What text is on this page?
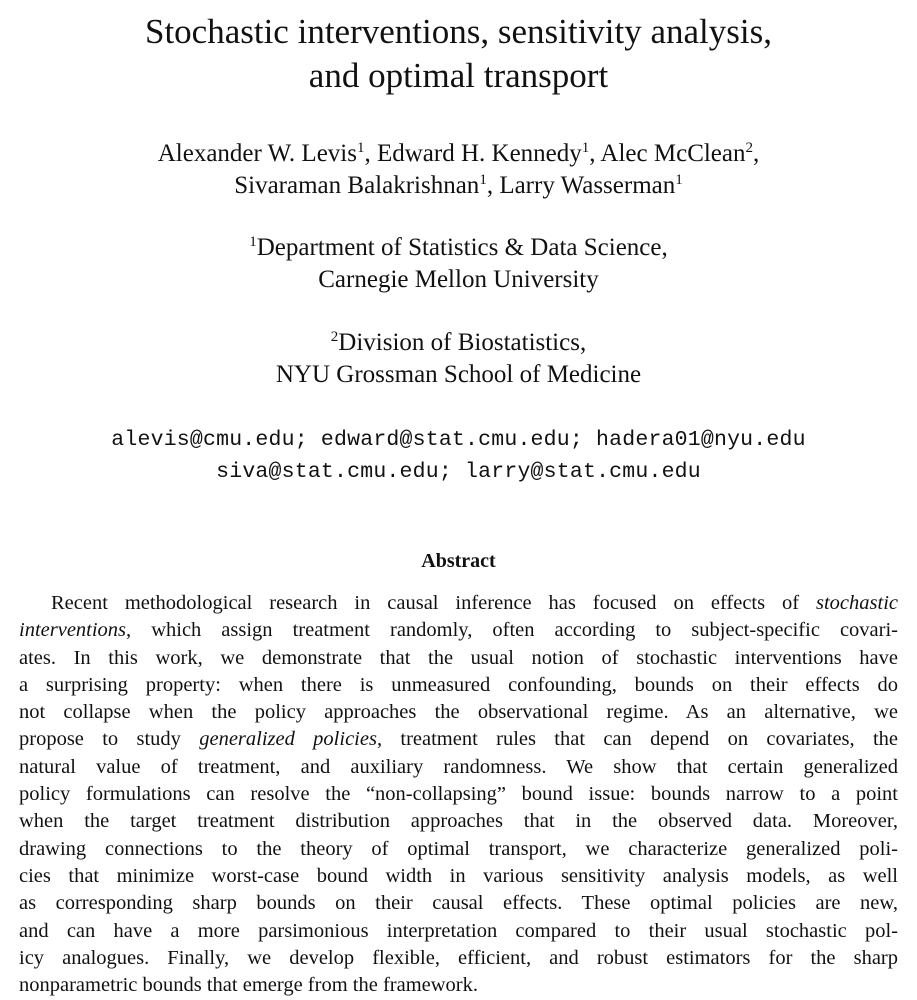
Stochastic interventions, sensitivity analysis,
and optimal transport
Alexander W. Levis$^1$, Edward H. Kennedy$^1$, Alec McClean$^2$,
Sivaraman Balakrishnan$^1$, Larry Wasserman$^1$
$^1$Department of Statistics & Data Science,
Carnegie Mellon University
$^2$Division of Biostatistics,
NYU Grossman School of Medicine
alevis@cmu.edu; edward@stat.cmu.edu; hadera01@nyu.edu
siva@stat.cmu.edu; larry@stat.cmu.edu
Abstract
Recent methodological research in causal inference has focused on effects of stochastic
interventions, which assign treatment randomly, often according to subject-specific covari-
ates. In this work, we demonstrate that the usual notion of stochastic interventions have
a surprising property: when there is unmeasured confounding, bounds on their effects do
not collapse when the policy approaches the observational regime. As an alternative, we
propose to study generalized policies, treatment rules that can depend on covariates, the
natural value of treatment, and auxiliary randomness. We show that certain generalized
policy formulations can resolve the “non-collapsing” bound issue: bounds narrow to a point
when the target treatment distribution approaches that in the observed data. Moreover,
drawing connections to the theory of optimal transport, we characterize generalized poli-
cies that minimize worst-case bound width in various sensitivity analysis models, as well
as corresponding sharp bounds on their causal effects. These optimal policies are new,
and can have a more parsimonious interpretation compared to their usual stochastic pol-
icy analogues. Finally, we develop flexible, efficient, and robust estimators for the sharp
nonparametric bounds that emerge from the framework.
